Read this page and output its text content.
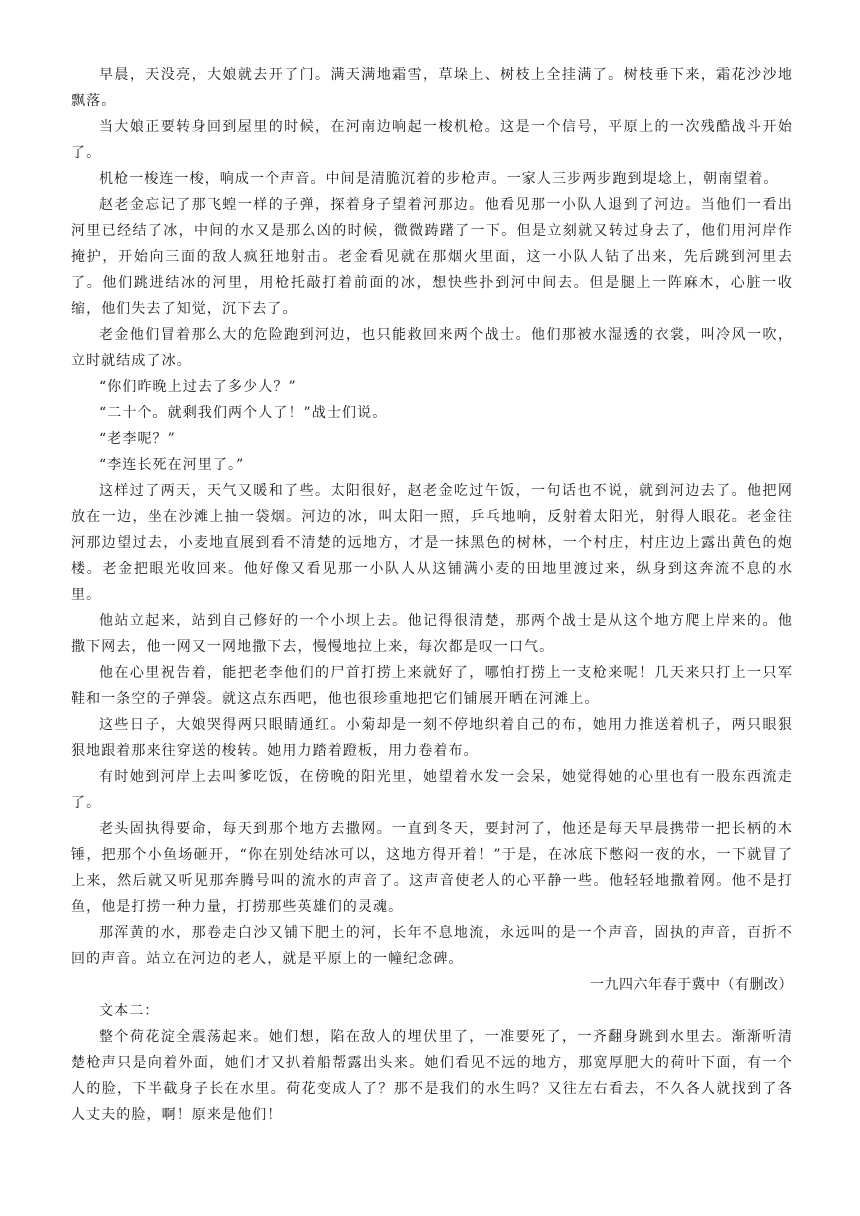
早晨，天没亮，大娘就去开了门。满天满地霜雪，草垛上、树枝上全挂满了。树枝垂下来，霜花沙沙地飘落。

当大娘正要转身回到屋里的时候，在河南边响起一梭机枪。这是一个信号，平原上的一次残酷战斗开始了。

机枪一梭连一梭，响成一个声音。中间是清脆沉着的步枪声。一家人三步两步跑到堤埝上，朝南望着。

赵老金忘记了那飞蝗一样的子弹，探着身子望着河那边。他看见那一小队人退到了河边。当他们一看出河里已经结了冰，中间的水又是那么凶的时候，微微踌躇了一下。但是立刻就又转过身去了，他们用河岸作掩护，开始向三面的敌人疯狂地射击。老金看见就在那烟火里面，这一小队人钻了出来，先后跳到河里去了。他们跳进结冰的河里，用枪托敲打着前面的冰，想快些扑到河中间去。但是腿上一阵麻木，心脏一收缩，他们失去了知觉，沉下去了。

老金他们冒着那么大的危险跑到河边，也只能救回来两个战士。他们那被水湿透的衣裳，叫冷风一吹，立时就结成了冰。

“你们昨晚上过去了多少人？”

“二十个。就剩我们两个人了！”战士们说。

“老李呢？”

“李连长死在河里了。”

这样过了两天，天气又暖和了些。太阳很好，赵老金吃过午饭，一句话也不说，就到河边去了。他把网放在一边，坐在沙滩上抽一袋烟。河边的冰，叫太阳一照，乒乓地响，反射着太阳光，射得人眼花。老金往河那边望过去，小麦地直展到看不清楚的远地方，才是一抹黑色的树林，一个村庄，村庄边上露出黄色的炮楼。老金把眼光收回来。他好像又看见那一小队人从这铺满小麦的田地里渡过来，纵身到这奔流不息的水里。

他站立起来，站到自己修好的一个小坝上去。他记得很清楚，那两个战士是从这个地方爬上岸来的。他撒下网去，他一网又一网地撒下去，慢慢地拉上来，每次都是叹一口气。

他在心里祝告着，能把老李他们的尸首打捞上来就好了，哪怕打捞上一支枪来呢！几天来只打上一只军鞋和一条空的子弹袋。就这点东西吧，他也很珍重地把它们铺展开晒在河滩上。

这些日子，大娘哭得两只眼睛通红。小菊却是一刻不停地织着自己的布，她用力推送着机子，两只眼狠狠地跟着那来往穿送的梭转。她用力踏着蹬板，用力卷着布。

有时她到河岸上去叫爹吃饭，在傍晚的阳光里，她望着水发一会呆，她觉得她的心里也有一股东西流走了。

老头固执得要命，每天到那个地方去撒网。一直到冬天，要封河了，他还是每天早晨携带一把长柄的木锤，把那个小鱼场砸开，“你在别处结冰可以，这地方得开着！”于是，在冰底下憋闷一夜的水，一下就冒了上来，然后就又听见那奔腾号叫的流水的声音了。这声音使老人的心平静一些。他轻轻地撒着网。他不是打鱼，他是打捞一种力量，打捞那些英雄们的灵魂。

那浑黄的水，那卷走白沙又铺下肥土的河，长年不息地流，永远叫的是一个声音，固执的声音，百折不回的声音。站立在河边的老人，就是平原上的一幢纪念碑。

一九四六年春于冀中（有删改）

文本二：

整个荷花淀全震荡起来。她们想，陷在敌人的埋伏里了，一准要死了，一齐翻身跳到水里去。渐渐听清楚枪声只是向着外面，她们才又扒着船帮露出头来。她们看见不远的地方，那宽厚肥大的荷叶下面，有一个人的脸，下半截身子长在水里。荷花变成人了？那不是我们的水生吗？又往左右看去，不久各人就找到了各人丈夫的脸，啊！原来是他们！
